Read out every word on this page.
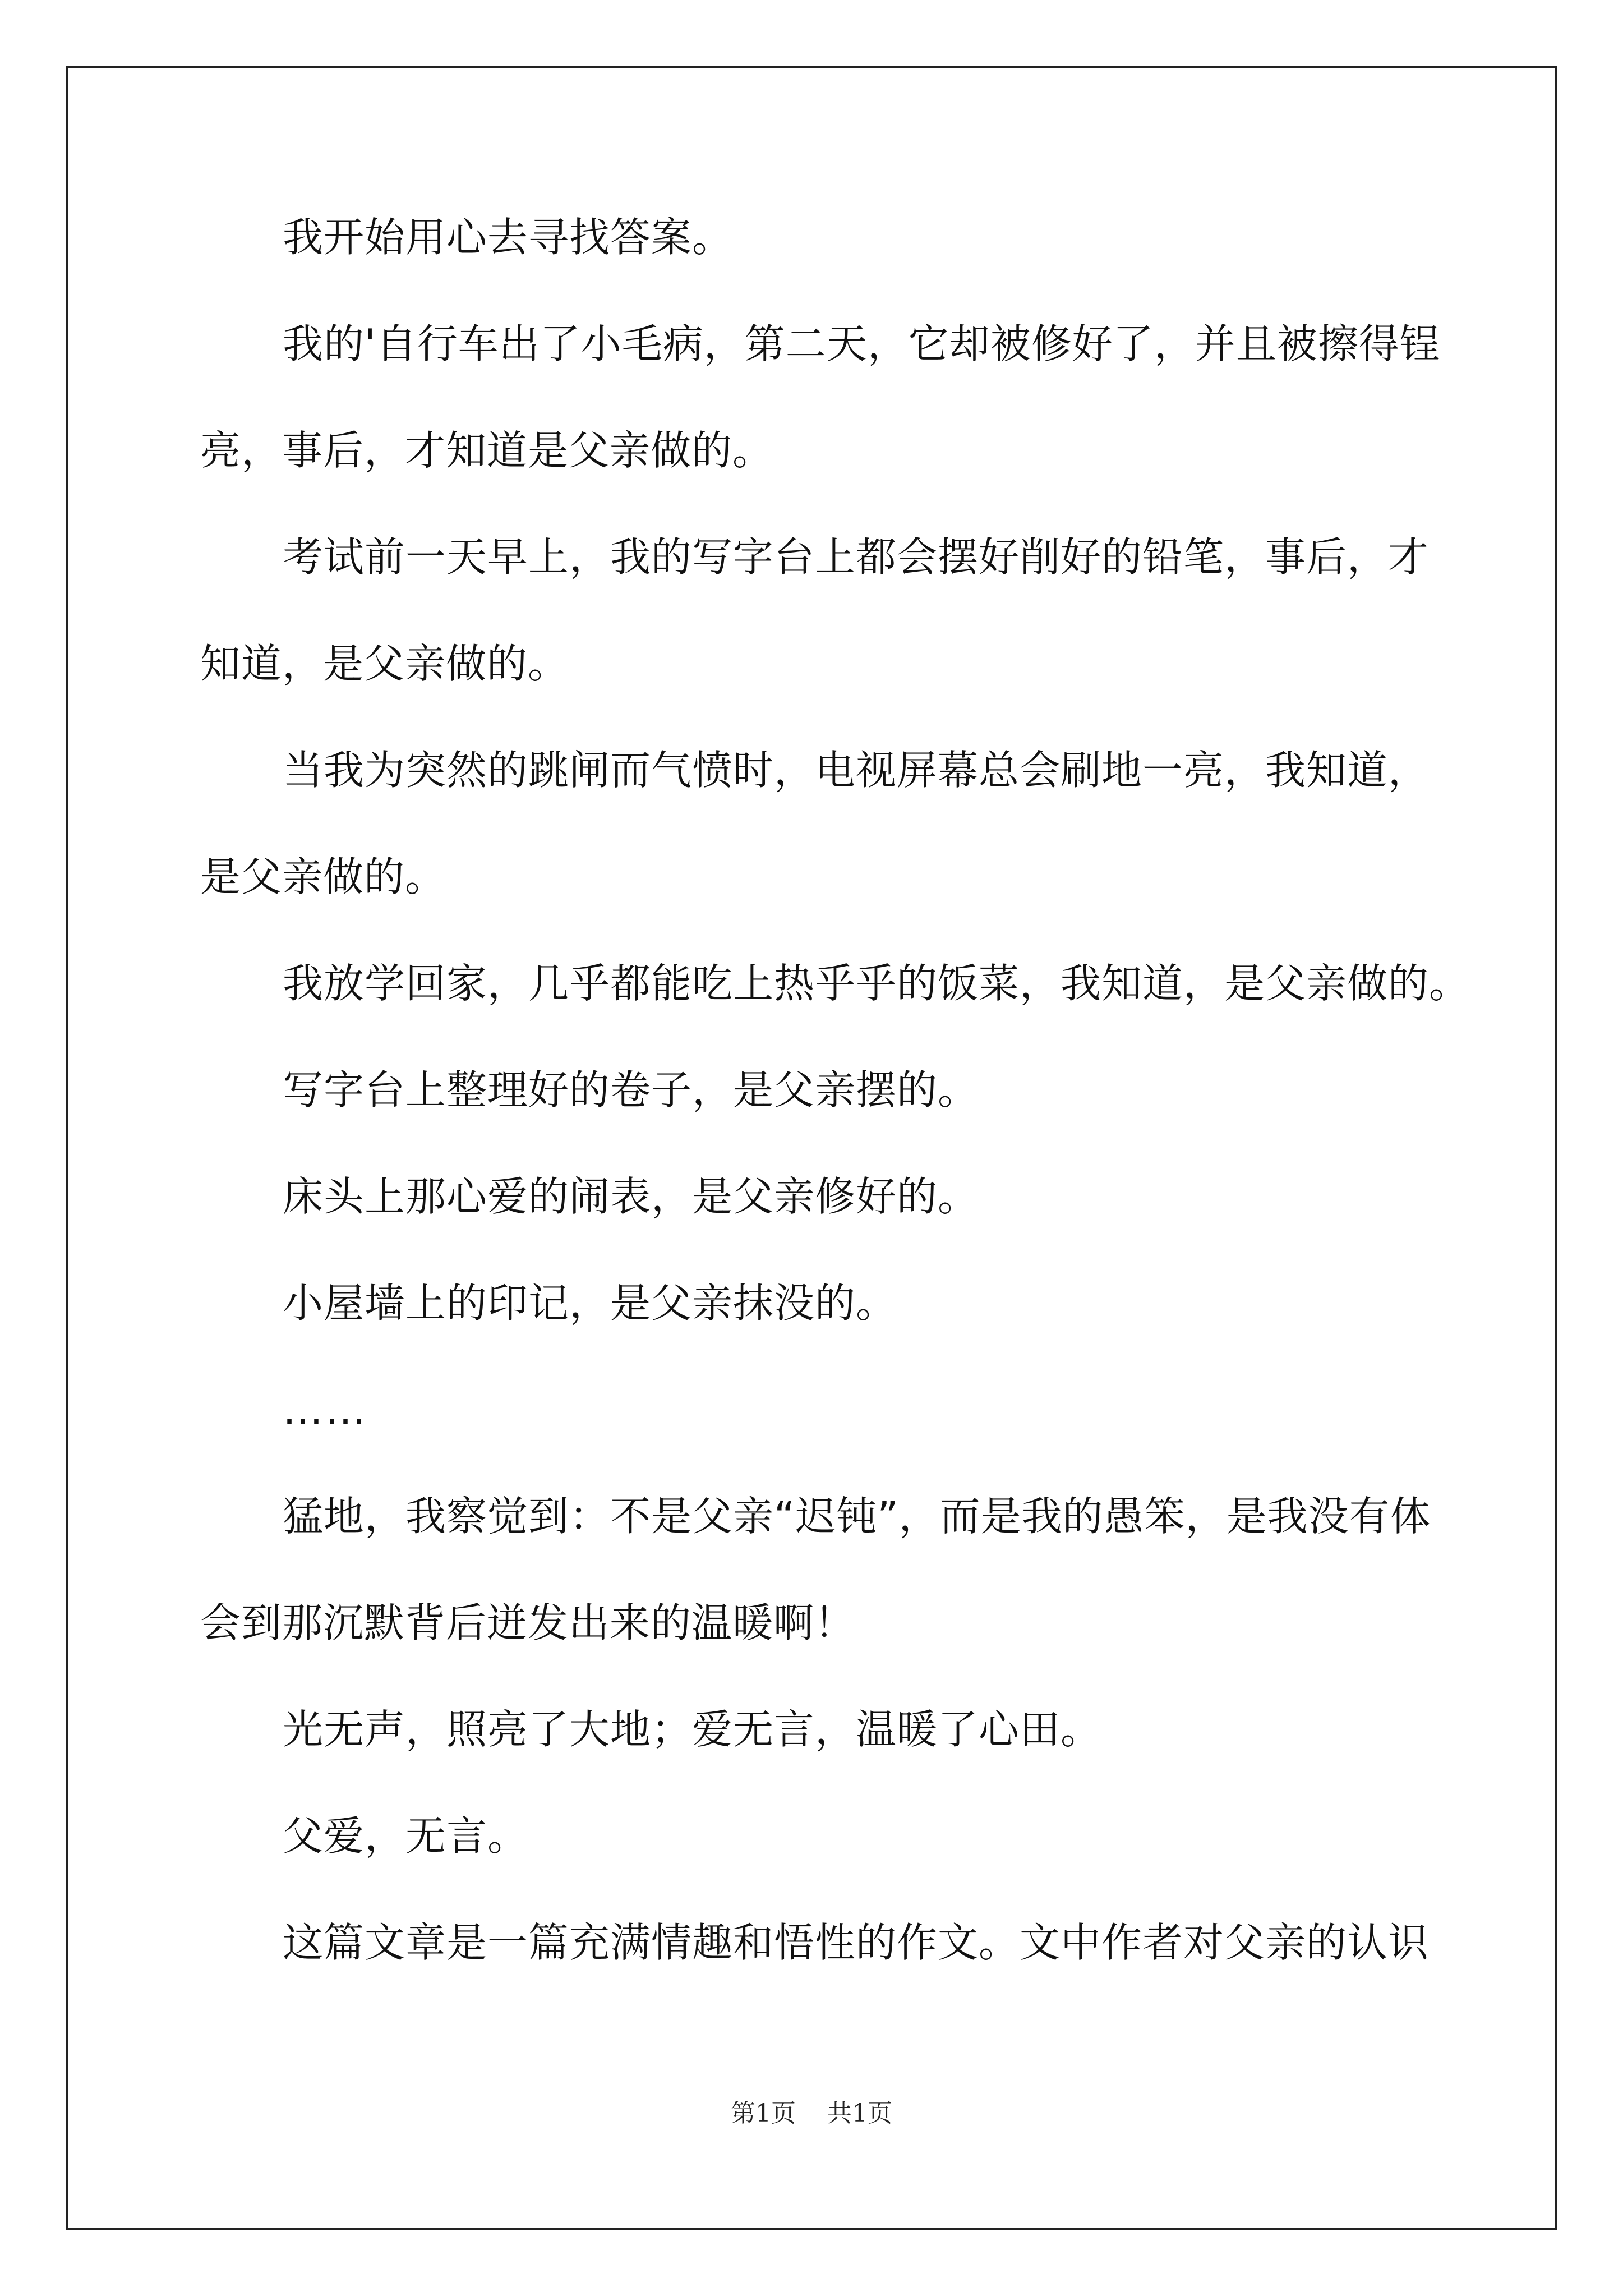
我开始用心去寻找答案。
我的'自行车出了小毛病，第二天，它却被修好了，并且被擦得锃
亮，事后，才知道是父亲做的。
考试前一天早上，我的写字台上都会摆好削好的铅笔，事后，才
知道，是父亲做的。
当我为突然的跳闸而气愤时，电视屏幕总会刷地一亮，我知道，
是父亲做的。
我放学回家，几乎都能吃上热乎乎的饭菜，我知道，是父亲做的。
写字台上整理好的卷子，是父亲摆的。
床头上那心爱的闹表，是父亲修好的。
小屋墙上的印记，是父亲抹没的。
……
猛地，我察觉到：不是父亲“迟钝”，而是我的愚笨，是我没有体
会到那沉默背后迸发出来的温暖啊！
光无声，照亮了大地；爱无言，温暖了心田。
父爱，无言。
这篇文章是一篇充满情趣和悟性的作文。文中作者对父亲的认识
第1页 共1页
